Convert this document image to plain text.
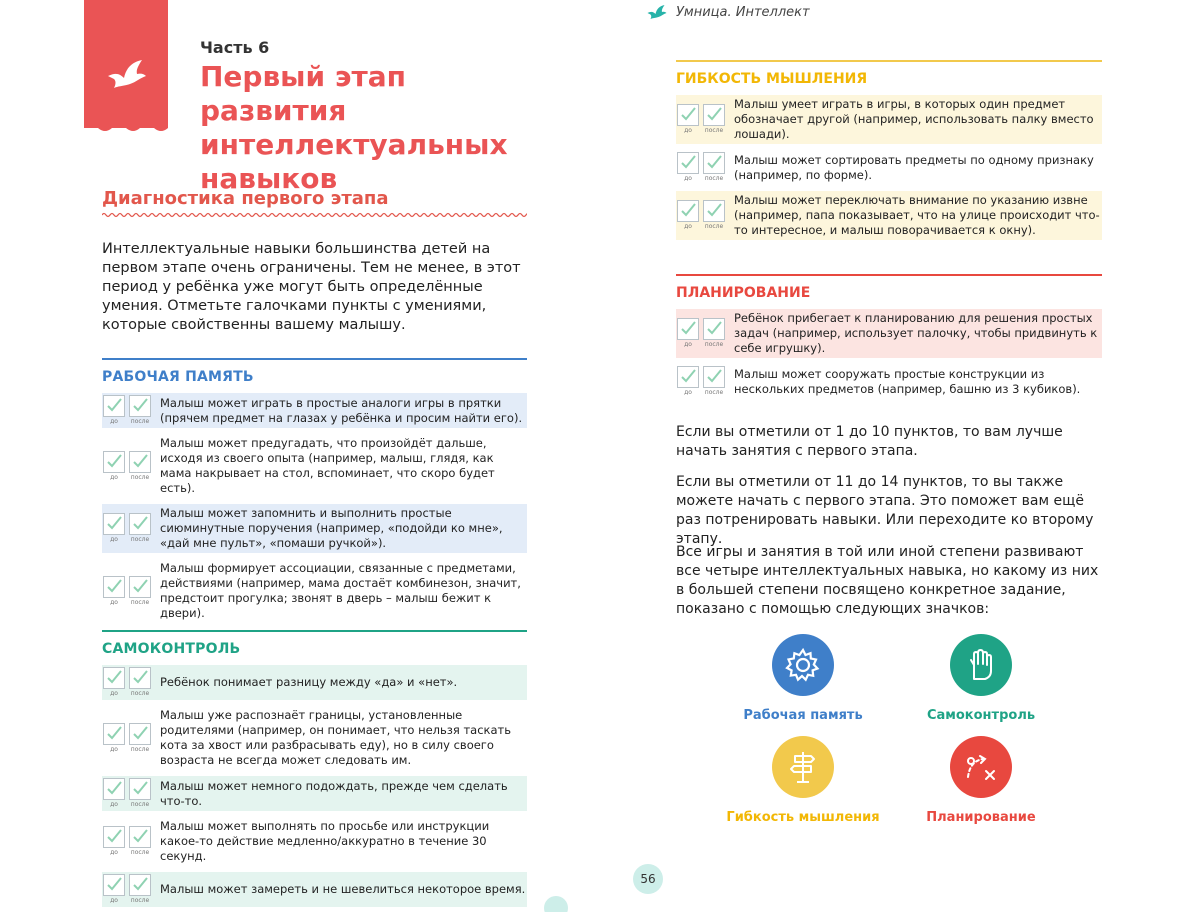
Часть 6
Первый этап развития интеллектуальных навыков
Диагностика первого этапа
Интеллектуальные навыки большинства детей на первом этапе очень ограничены. Тем не менее, в этот период у ребёнка уже могут быть определённые умения. Отметьте галочками пункты с умениями, которые свойственны вашему малышу.
РАБОЧАЯ ПАМЯТЬ
до после
Малыш может играть в простые аналоги игры в прятки (прячем предмет на глазах у ребёнка и просим найти его).
до после
Малыш может предугадать, что произойдёт дальше, исходя из своего опыта (например, малыш, глядя, как мама накрывает на стол, вспоминает, что скоро будет есть).
до после
Малыш может запомнить и выполнить простые сиюминутные поручения (например, «подойди ко мне», «дай мне пульт», «помаши ручкой»).
до после
Малыш формирует ассоциации, связанные с предметами, действиями (например, мама достаёт комбинезон, значит, предстоит прогулка; звонят в дверь – малыш бежит к двери).
САМОКОНТРОЛЬ
до после
Ребёнок понимает разницу между «да» и «нет».
до после
Малыш уже распознаёт границы, установленные родителями (например, он понимает, что нельзя таскать кота за хвост или разбрасывать еду), но в силу своего возраста не всегда может следовать им.
до после
Малыш может немного подождать, прежде чем сделать что-то.
до после
Малыш может выполнять по просьбе или инструкции какое-то действие медленно/аккуратно в течение 30 секунд.
до после
Малыш может замереть и не шевелиться некоторое время.
Умница. Интеллект
ГИБКОСТЬ МЫШЛЕНИЯ
до после
Малыш умеет играть в игры, в которых один предмет обозначает другой (например, использовать палку вместо лошади).
до после
Малыш может сортировать предметы по одному признаку (например, по форме).
до после
Малыш может переключать внимание по указанию извне (например, папа показывает, что на улице происходит что-то интересное, и малыш поворачивается к окну).
ПЛАНИРОВАНИЕ
до после
Ребёнок прибегает к планированию для решения простых задач (например, использует палочку, чтобы придвинуть к себе игрушку).
до после
Малыш может сооружать простые конструкции из нескольких предметов (например, башню из 3 кубиков).
Если вы отметили от 1 до 10 пунктов, то вам лучше начать занятия с первого этапа.
Если вы отметили от 11 до 14 пунктов, то вы также можете начать с первого этапа. Это поможет вам ещё раз потренировать навыки. Или переходите ко второму этапу.
Все игры и занятия в той или иной степени развивают все четыре интеллектуальных навыка, но какому из них в большей степени посвящено конкретное задание, показано с помощью следующих значков:
Рабочая память	Самоконтроль
Гибкость мышления	Планирование
56
